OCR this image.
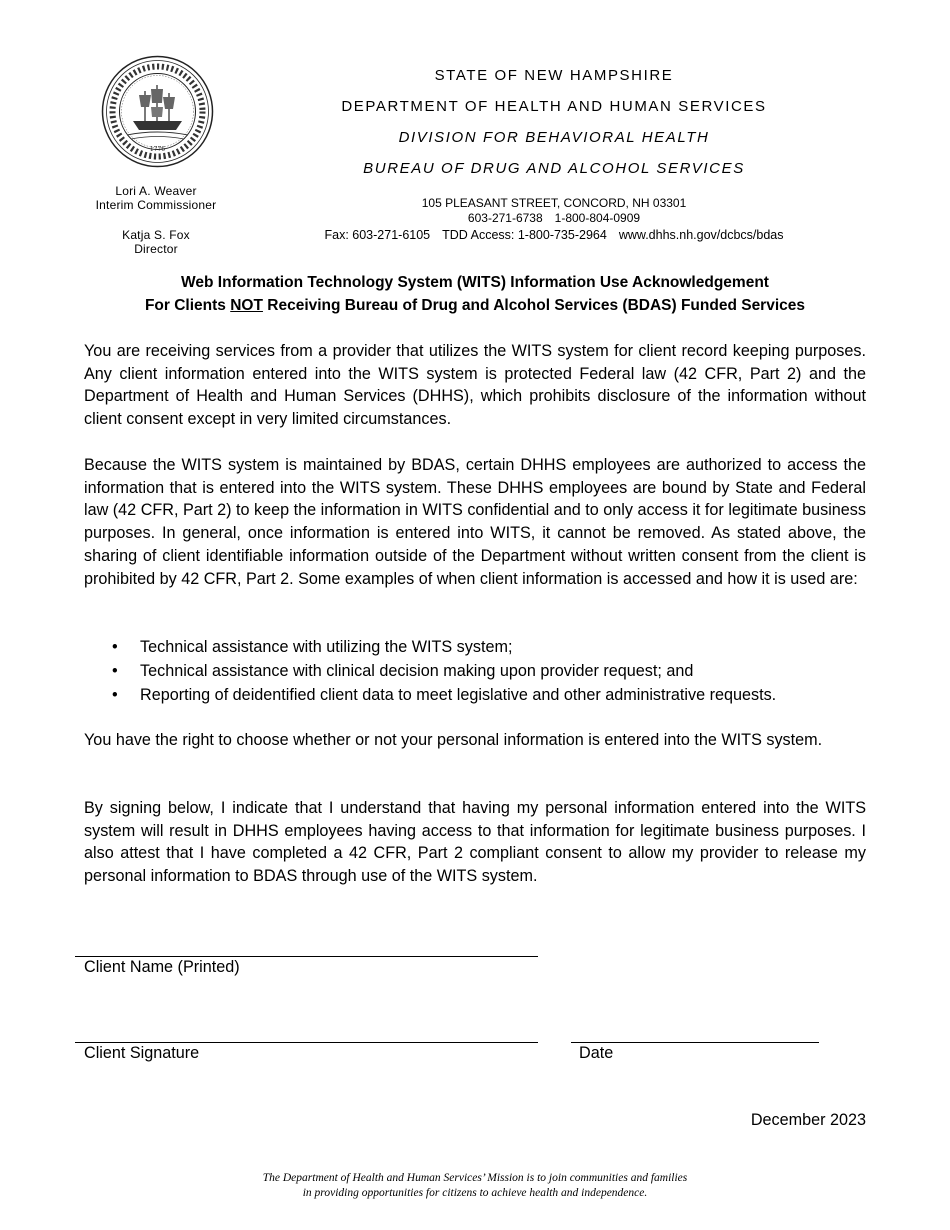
1776
Lori A. Weaver
Interim Commissioner
Katja S. Fox
Director
STATE OF NEW HAMPSHIRE
DEPARTMENT OF HEALTH AND HUMAN SERVICES
DIVISION FOR BEHAVIORAL HEALTH
BUREAU OF DRUG AND ALCOHOL SERVICES
105 PLEASANT STREET, CONCORD, NH 03301
603-271-6738 1-800-804-0909
Fax: 603-271-6105 TDD Access: 1-800-735-2964 www.dhhs.nh.gov/dcbcs/bdas
Web Information Technology System (WITS) Information Use Acknowledgement
For Clients NOT Receiving Bureau of Drug and Alcohol Services (BDAS) Funded Services
You are receiving services from a provider that utilizes the WITS system for client record keeping purposes. Any client information entered into the WITS system is protected Federal law (42 CFR, Part 2) and the Department of Health and Human Services (DHHS), which prohibits disclosure of the information without client consent except in very limited circumstances.
Because the WITS system is maintained by BDAS, certain DHHS employees are authorized to access the information that is entered into the WITS system. These DHHS employees are bound by State and Federal law (42 CFR, Part 2) to keep the information in WITS confidential and to only access it for legitimate business purposes. In general, once information is entered into WITS, it cannot be removed. As stated above, the sharing of client identifiable information outside of the Department without written consent from the client is prohibited by 42 CFR, Part 2. Some examples of when client information is accessed and how it is used are:
• Technical assistance with utilizing the WITS system;
• Technical assistance with clinical decision making upon provider request; and
• Reporting of deidentified client data to meet legislative and other administrative requests.
You have the right to choose whether or not your personal information is entered into the WITS system.
By signing below, I indicate that I understand that having my personal information entered into the WITS system will result in DHHS employees having access to that information for legitimate business purposes. I also attest that I have completed a 42 CFR, Part 2 compliant consent to allow my provider to release my personal information to BDAS through use of the WITS system.
Client Name (Printed)
Client Signature	Date
December 2023
The Department of Health and Human Services’ Mission is to join communities and families
in providing opportunities for citizens to achieve health and independence.
